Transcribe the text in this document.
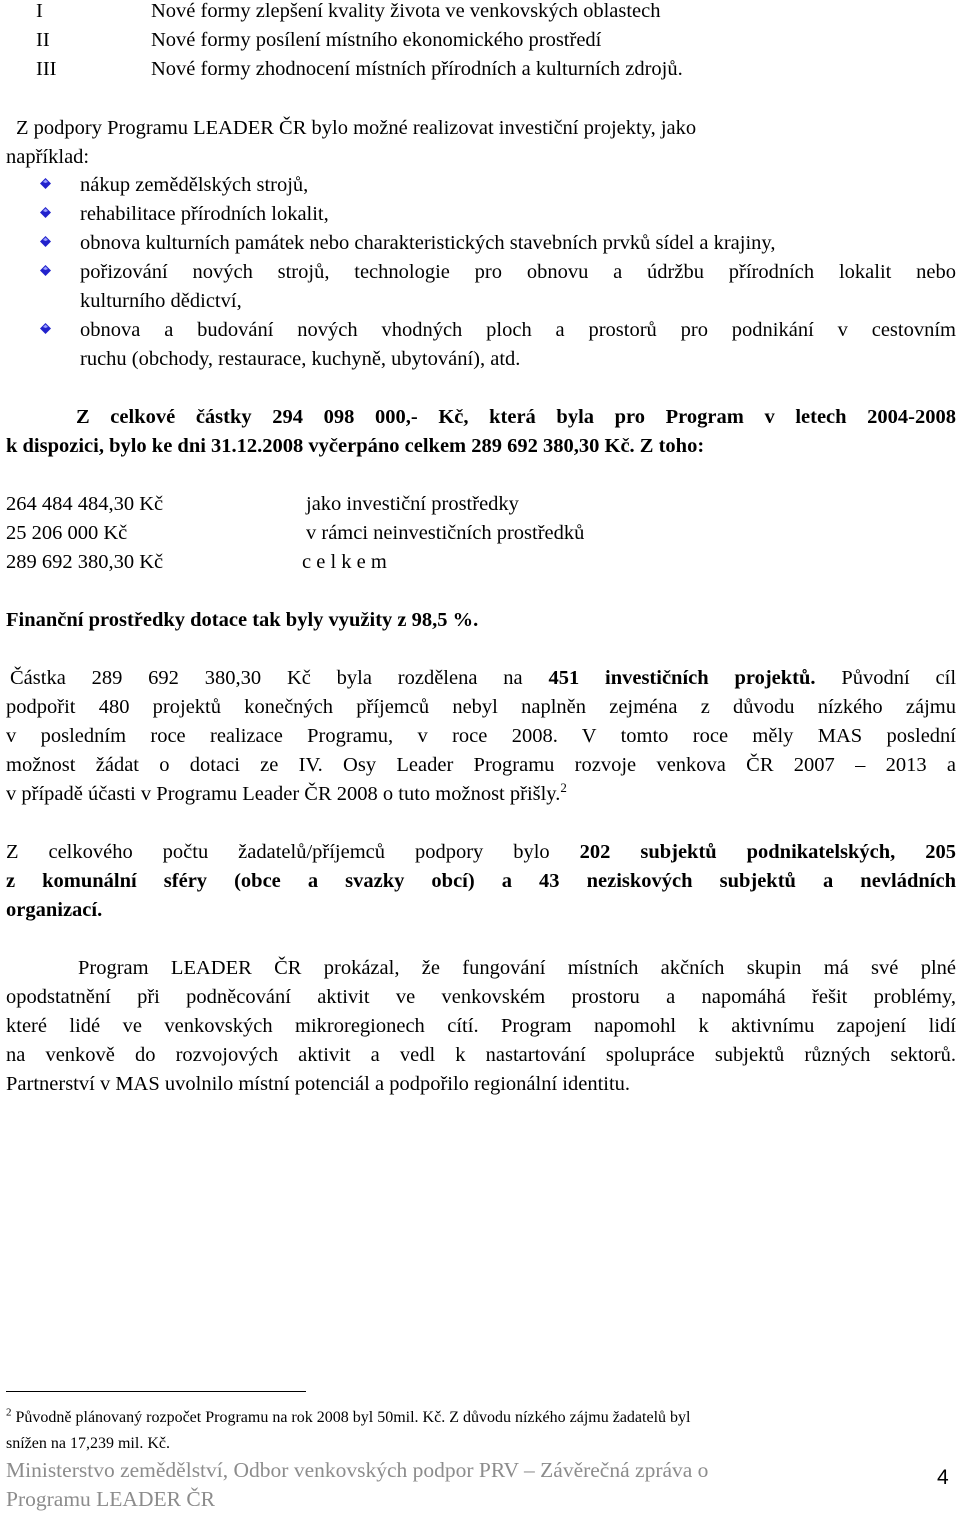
I	Nové formy zlepšení kvality života ve venkovských oblastech
II	Nové formy posílení místního ekonomického prostředí
III	Nové formy zhodnocení místních přírodních a kulturních zdrojů.
Z podpory Programu LEADER ČR bylo možné realizovat investiční projekty, jako
například:
nákup zemědělských strojů,
rehabilitace přírodních lokalit,
obnova kulturních památek nebo charakteristických stavebních prvků sídel a krajiny,
pořizování nových strojů, technologie pro obnovu a údržbu přírodních lokalit nebo
kulturního dědictví,
obnova a budování nových vhodných ploch a prostorů pro podnikání v cestovním
ruchu (obchody, restaurace, kuchyně, ubytování), atd.
Z celkové částky 294 098 000,- Kč, která byla pro Program v letech 2004-2008
k dispozici, bylo ke dni 31.12.2008 vyčerpáno celkem 289 692 380,30 Kč. Z toho:
264 484 484,30 Kč	jako investiční prostředky
25 206 000 Kč	v rámci neinvestičních prostředků
289 692 380,30 Kč	c e l k e m
Finanční prostředky dotace tak byly využity z 98,5 %.
Částka 289 692 380,30 Kč byla rozdělena na 451 investičních projektů. Původní cíl
podpořit 480 projektů konečných příjemců nebyl naplněn zejména z důvodu nízkého zájmu
v posledním roce realizace Programu, v roce 2008. V tomto roce měly MAS poslední
možnost žádat o dotaci ze IV. Osy Leader Programu rozvoje venkova ČR 2007 – 2013 a
v případě účasti v Programu Leader ČR 2008 o tuto možnost přišly.$^2$
Z celkového počtu žadatelů/příjemců podpory bylo 202 subjektů podnikatelských, 205
z komunální sféry (obce a svazky obcí) a 43 neziskových subjektů a nevládních
organizací.
Program LEADER ČR prokázal, že fungování místních akčních skupin má své plné
opodstatnění při podněcování aktivit ve venkovském prostoru a napomáhá řešit problémy,
které lidé ve venkovských mikroregionech cítí. Program napomohl k aktivnímu zapojení lidí
na venkově do rozvojových aktivit a vedl k nastartování spolupráce subjektů různých sektorů.
Partnerství v MAS uvolnilo místní potenciál a podpořilo regionální identitu.
$^2$ Původně plánovaný rozpočet Programu na rok 2008 byl 50mil. Kč. Z důvodu nízkého zájmu žadatelů byl
snížen na 17,239 mil. Kč.
Ministerstvo zemědělství, Odbor venkovských podpor PRV – Závěrečná zpráva o
Programu LEADER ČR
4
